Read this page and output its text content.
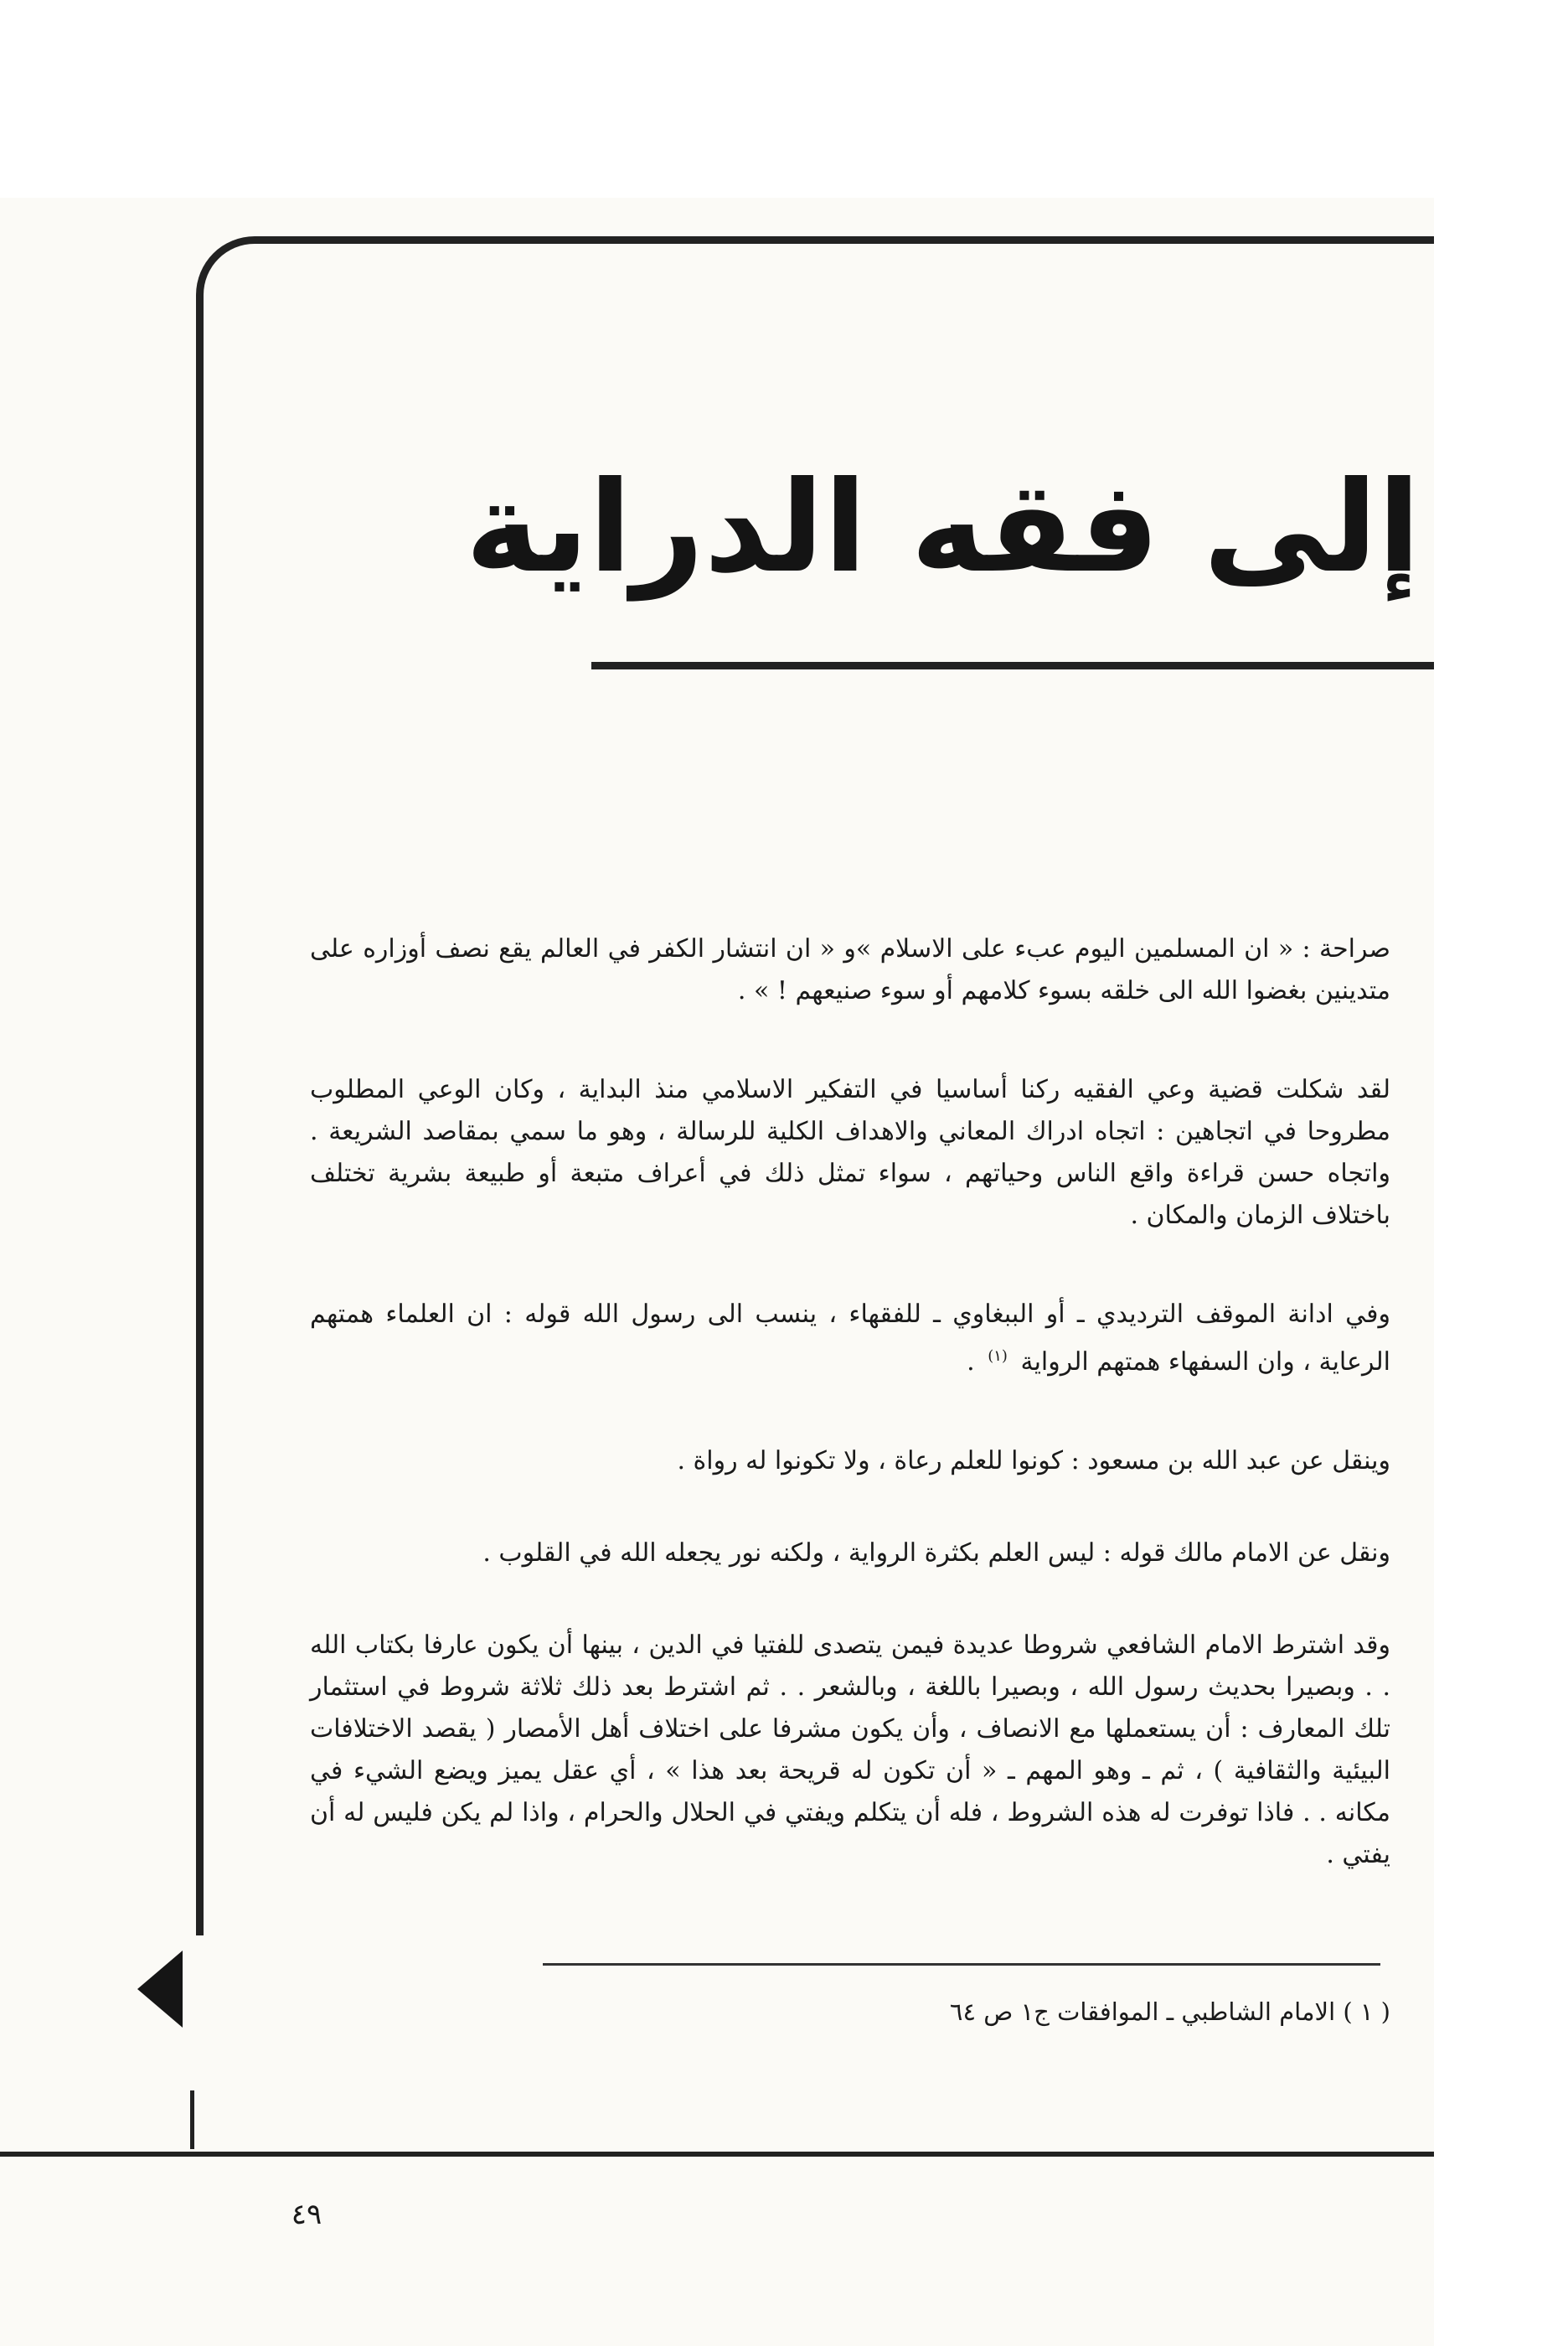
إلى فقه الدراية

صراحة : « ان المسلمين اليوم عبء على الاسلام »و « ان انتشار الكفر في العالم يقع نصف أوزاره على متدينين بغضوا الله الى خلقه بسوء كلامهم أو سوء صنيعهم ! » .

لقد شكلت قضية وعي الفقيه ركنا أساسيا في التفكير الاسلامي منذ البداية ، وكان الوعي المطلوب مطروحا في اتجاهين : اتجاه ادراك المعاني والاهداف الكلية للرسالة ، وهو ما سمي بمقاصد الشريعة . واتجاه حسن قراءة واقع الناس وحياتهم ، سواء تمثل ذلك في أعراف متبعة أو طبيعة بشرية تختلف باختلاف الزمان والمكان .

وفي ادانة الموقف الترديدي ـ أو الببغاوي ـ للفقهاء ، ينسب الى رسول الله قوله : ان العلماء همتهم الرعاية ، وان السفهاء همتهم الرواية $^{(١)}$ .

وينقل عن عبد الله بن مسعود : كونوا للعلم رعاة ، ولا تكونوا له رواة .

ونقل عن الامام مالك قوله : ليس العلم بكثرة الرواية ، ولكنه نور يجعله الله في القلوب .

وقد اشترط الامام الشافعي شروطا عديدة فيمن يتصدى للفتيا في الدين ، بينها أن يكون عارفا بكتاب الله . . وبصيرا بحديث رسول الله ، وبصيرا باللغة ، وبالشعر . . ثم اشترط بعد ذلك ثلاثة شروط في استثمار تلك المعارف : أن يستعملها مع الانصاف ، وأن يكون مشرفا على اختلاف أهل الأمصار ( يقصد الاختلافات البيئية والثقافية ) ، ثم ـ وهو المهم ـ « أن تكون له قريحة بعد هذا » ، أي عقل يميز ويضع الشيء في مكانه . . فاذا توفرت له هذه الشروط ، فله أن يتكلم ويفتي في الحلال والحرام ، واذا لم يكن فليس له أن يفتي .

( ١ ) الامام الشاطبي ـ الموافقات ج١ ص ٦٤
٤٩
